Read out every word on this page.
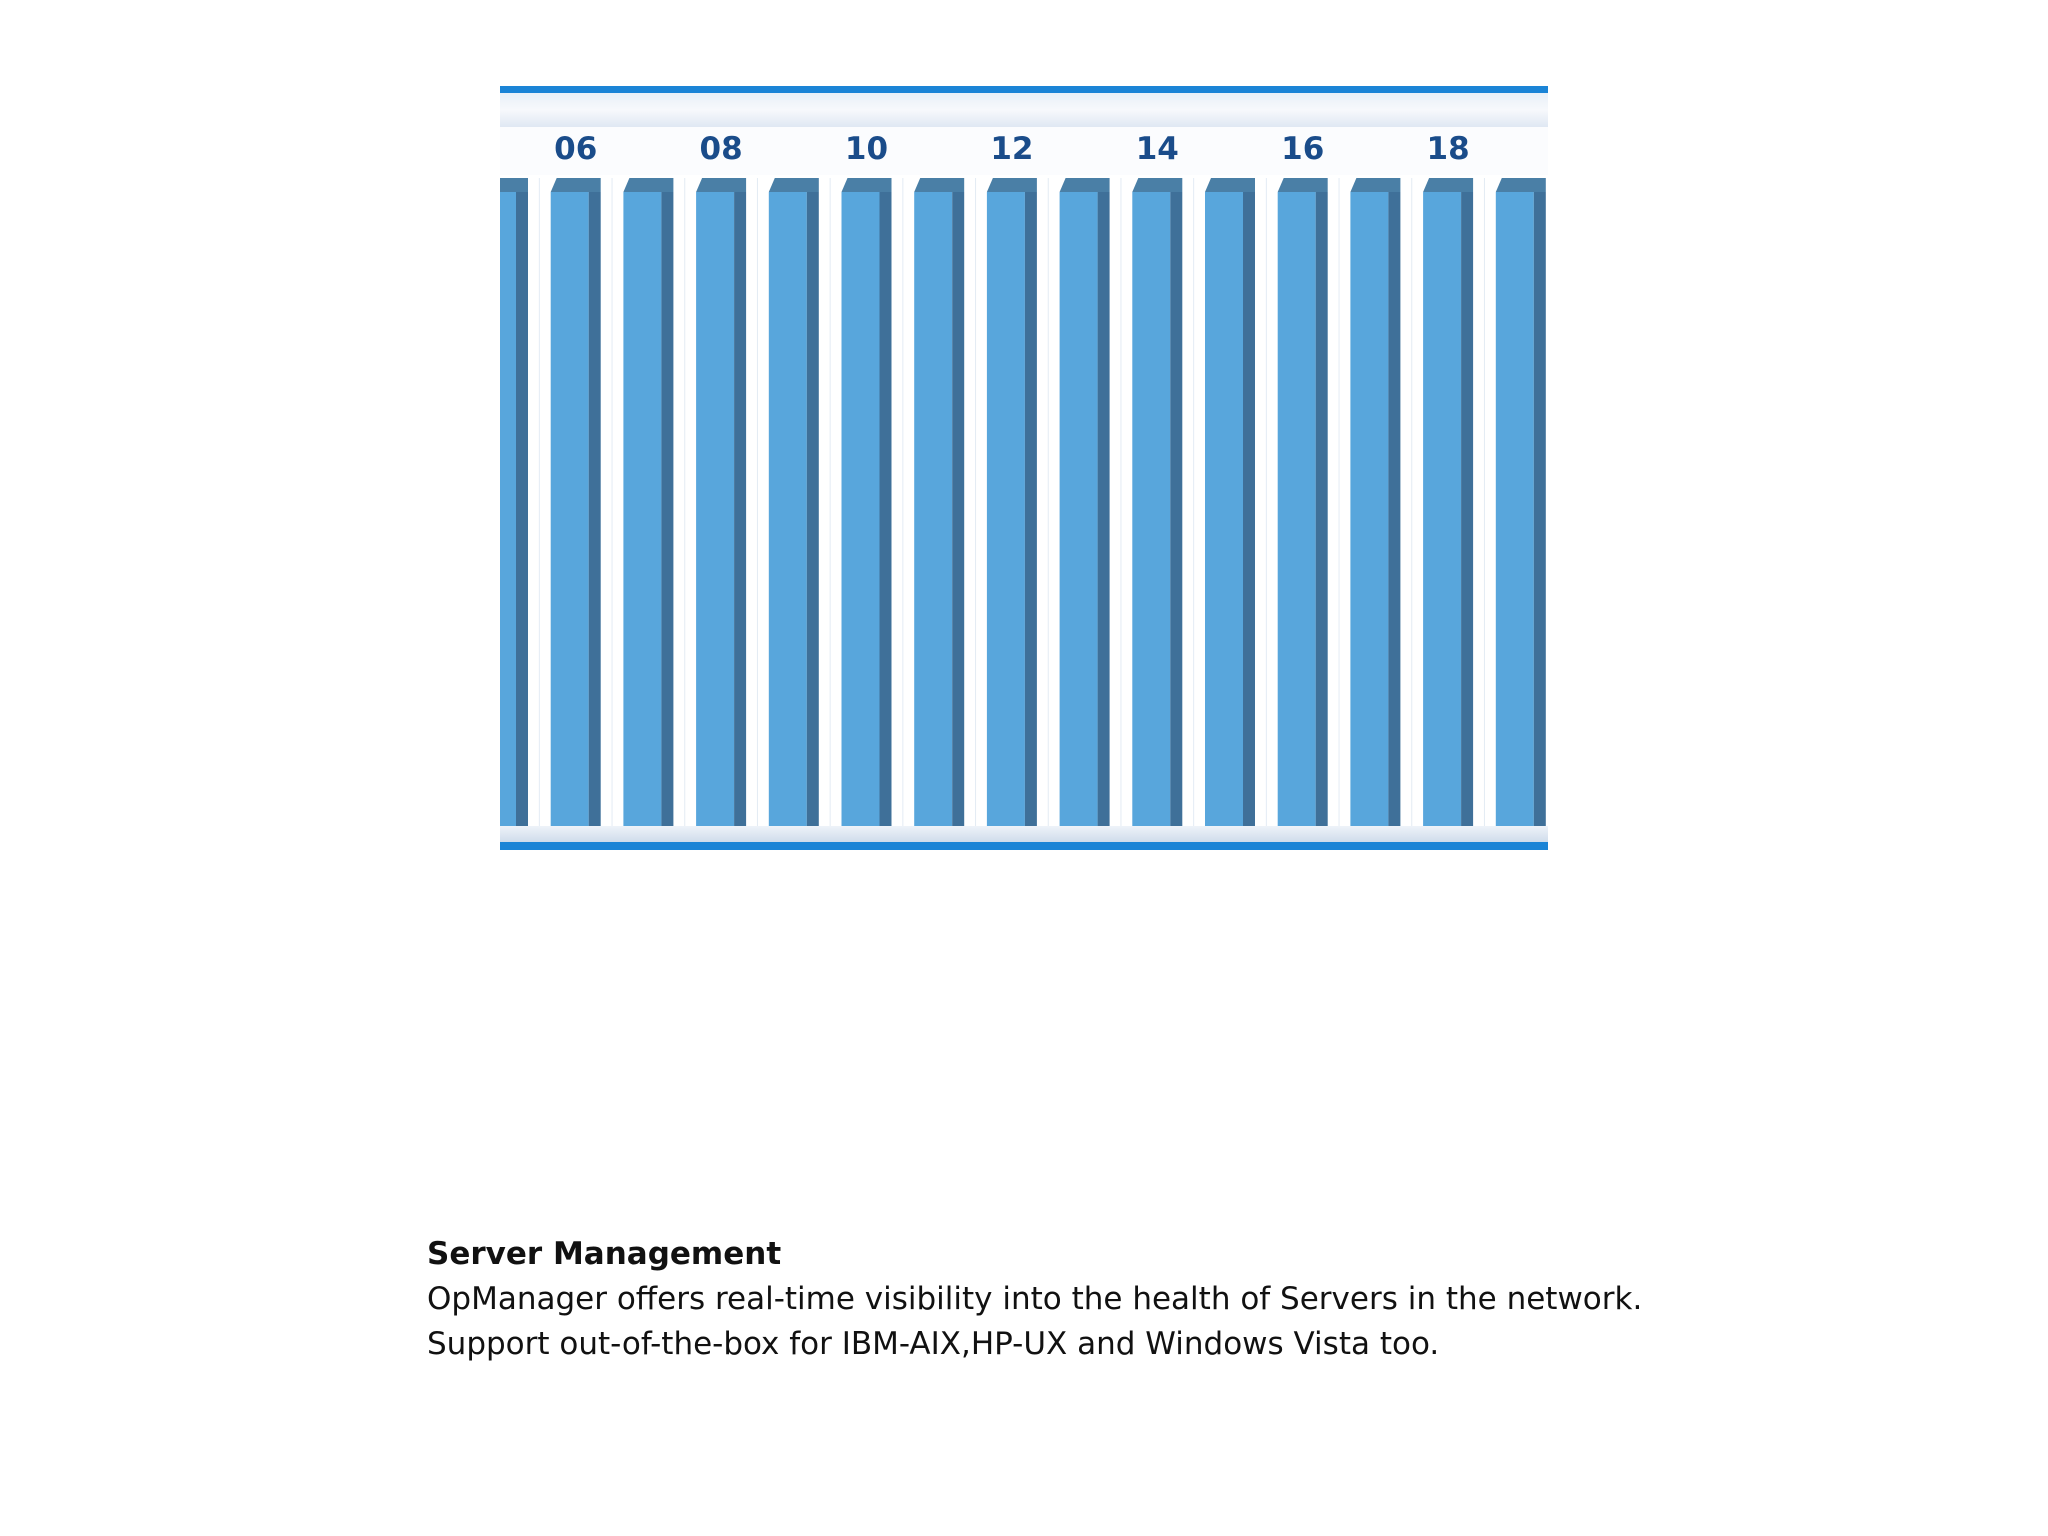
06	08	10	12	14	16	18
Server Management
OpManager offers real-time visibility into the health of Servers in the network.
Support out-of-the-box for IBM-AIX,HP-UX and Windows Vista too.
